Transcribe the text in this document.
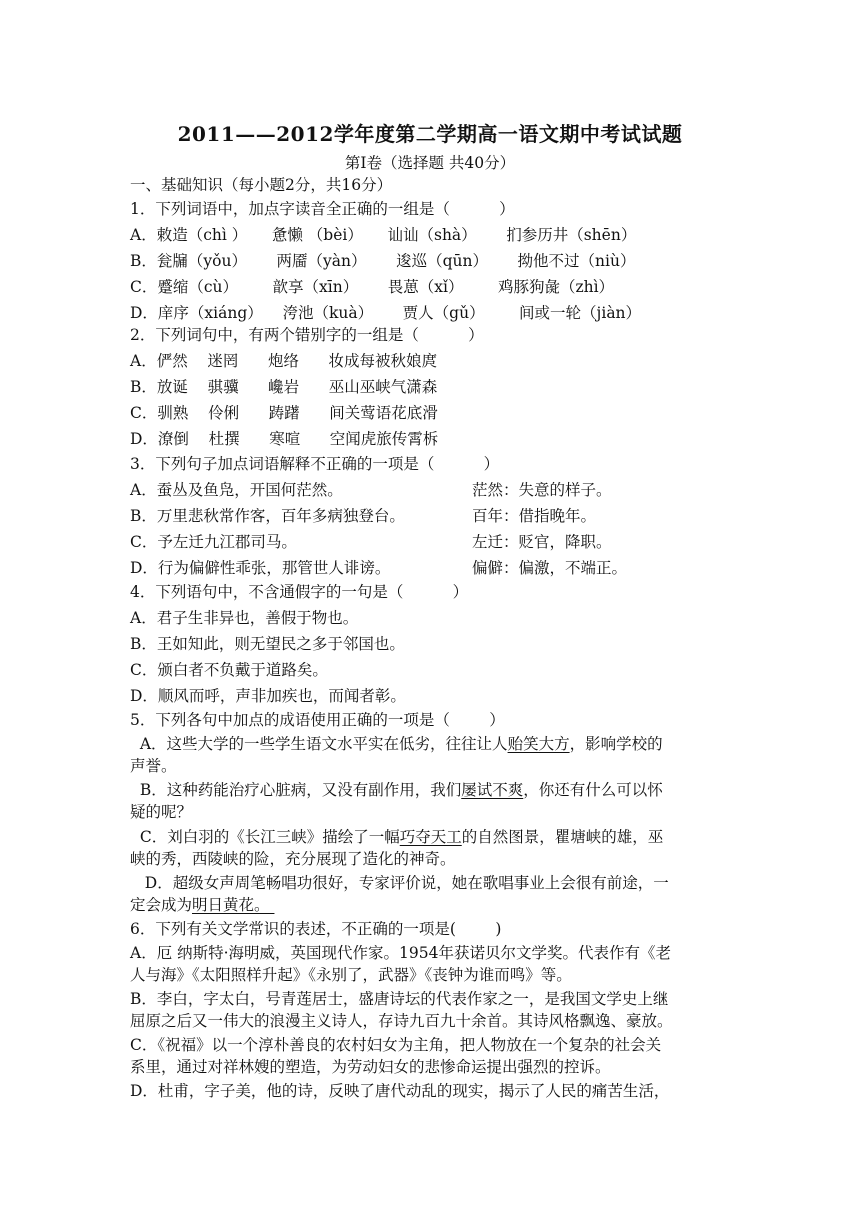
2011——2012学年度第二学期高一语文期中考试试题
第Ⅰ卷（选择题 共40分）
一、基础知识（每小题2分，共16分）
1．下列词语中，加点字读音全正确的一组是（          ）
A．敕造（chì ）     惫懒 （bèi）     讪讪（shà）      扪参历井（shēn）
B．瓮牖（yǒu）      两靥（yàn）      逡巡（qūn）      拗他不过（niù）
C．蹙缩（cù）       歆享（xīn）      畏葸（xǐ）       鸡豚狗彘（zhì）
D．庠序（xiáng）    洿池（kuà）      贾人（gǔ）       间或一轮（jiàn）
2．下列词句中，有两个错别字的一组是（          ）
A．俨然    迷罔      炮络      妆成每被秋娘庹
B．放诞    骐骥      巉岩      巫山巫峡气潇森
C．驯熟    伶俐      踌躇      间关莺语花底滑
D．潦倒    杜撰      寒喧      空闻虎旅传霄柝
3．下列句子加点词语解释不正确的一项是（          ）
A．蚕丛及鱼凫，开国何茫然。	茫然：失意的样子。
B．万里悲秋常作客，百年多病独登台。	百年：借指晚年。
C．予左迁九江郡司马。	左迁：贬官，降职。
D．行为偏僻性乖张，那管世人诽谤。	偏僻：偏激，不端正。
4．下列语句中，不含通假字的一句是（          ）
A．君子生非异也，善假于物也。
B．王如知此，则无望民之多于邻国也。
C．颁白者不负戴于道路矣。
D．顺风而呼，声非加疾也，而闻者彰。
5．下列各句中加点的成语使用正确的一项是（        ）
A．这些大学的一些学生语文水平实在低劣，往往让人贻笑大方，影响学校的
声誉。
B．这种药能治疗心脏病，又没有副作用，我们屡试不爽，你还有什么可以怀
疑的呢？
C．刘白羽的《长江三峡》描绘了一幅巧夺天工的自然图景，瞿塘峡的雄，巫
峡的秀，西陵峡的险，充分展现了造化的神奇。
D．超级女声周笔畅唱功很好，专家评价说，她在歌唱事业上会很有前途，一
定会成为明日黄花。
6．下列有关文学常识的表述，不正确的一项是(        )
A．厄 纳斯特·海明威，英国现代作家。1954年获诺贝尔文学奖。代表作有《老
人与海》《太阳照样升起》《永别了，武器》《丧钟为谁而鸣》等。
B．李白，字太白，号青莲居士，盛唐诗坛的代表作家之一，是我国文学史上继
屈原之后又一伟大的浪漫主义诗人，存诗九百九十余首。其诗风格飘逸、豪放。
C．《祝福》以一个淳朴善良的农村妇女为主角，把人物放在一个复杂的社会关
系里，通过对祥林嫂的塑造，为劳动妇女的悲惨命运提出强烈的控诉。
D．杜甫，字子美，他的诗，反映了唐代动乱的现实，揭示了人民的痛苦生活，
